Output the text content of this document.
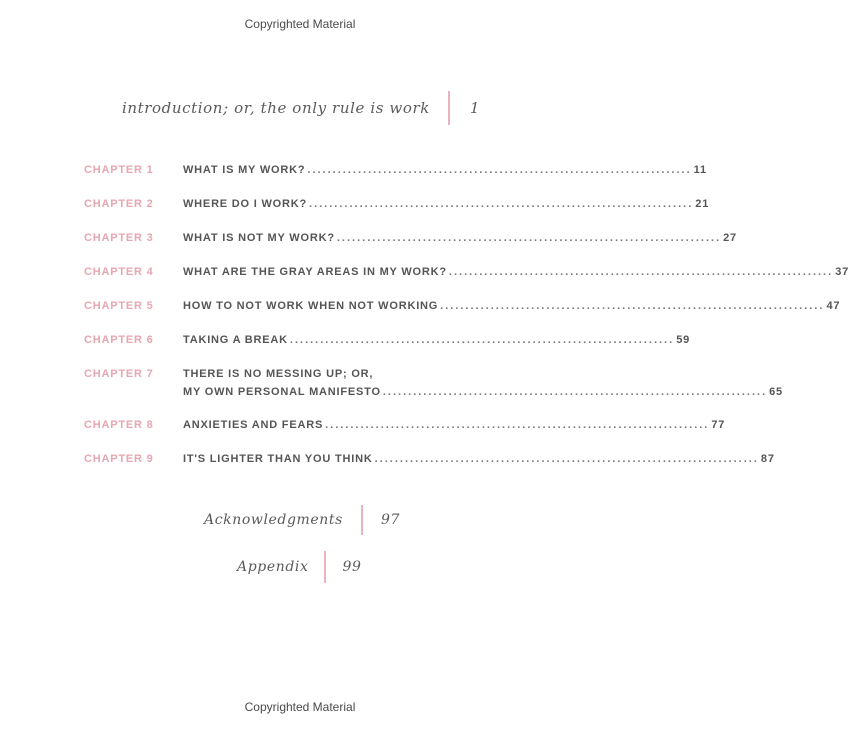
Copyrighted Material
introduction; or, the only rule is work	1
CHAPTER 1	WHAT IS MY WORK? ............................................................................ 11
CHAPTER 2	WHERE DO I WORK? ............................................................................ 21
CHAPTER 3	WHAT IS NOT MY WORK? ............................................................................ 27
CHAPTER 4	WHAT ARE THE GRAY AREAS IN MY WORK? ............................................................................ 37
CHAPTER 5	HOW TO NOT WORK WHEN NOT WORKING ............................................................................ 47
CHAPTER 6	TAKING A BREAK ............................................................................ 59
CHAPTER 7	THERE IS NO MESSING UP; OR,
MY OWN PERSONAL MANIFESTO ............................................................................ 65
CHAPTER 8	ANXIETIES AND FEARS ............................................................................ 77
CHAPTER 9	IT'S LIGHTER THAN YOU THINK ............................................................................ 87
Acknowledgments	97
Appendix 99
Copyrighted Material
